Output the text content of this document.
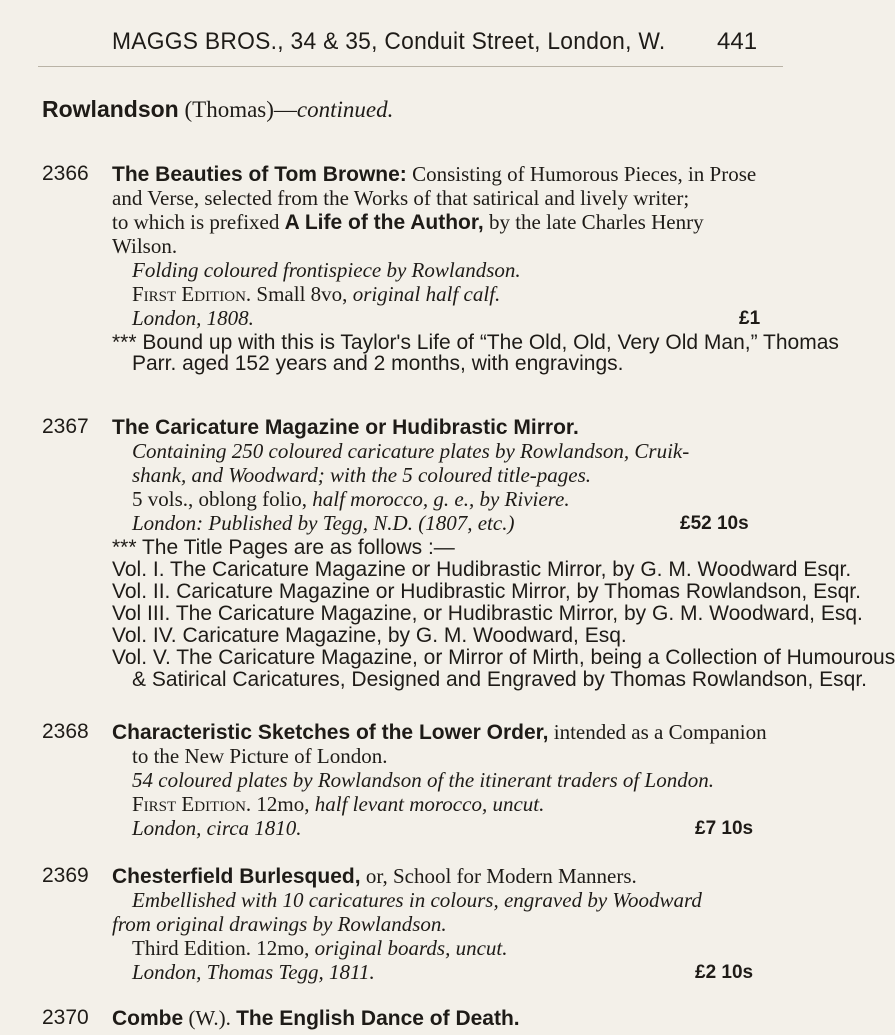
MAGGS BROS., 34 & 35, Conduit Street, London, W. 441
Rowlandson (Thomas)—continued.
2366 The Beauties of Tom Browne: Consisting of Humorous Pieces, in Prose
and Verse, selected from the Works of that satirical and lively writer;
to which is prefixed A Life of the Author, by the late Charles Henry
Wilson.
Folding coloured frontispiece by Rowlandson.
First Edition. Small 8vo, original half calf.
London, 1808.	£1
*** Bound up with this is Taylor's Life of “The Old, Old, Very Old Man,” Thomas
Parr. aged 152 years and 2 months, with engravings.
2367 The Caricature Magazine or Hudibrastic Mirror.
Containing 250 coloured caricature plates by Rowlandson, Cruik-
shank, and Woodward; with the 5 coloured title-pages.
5 vols., oblong folio, half morocco, g. e., by Riviere.
London: Published by Tegg, N.D. (1807, etc.)	£52 10s
*** The Title Pages are as follows :—
Vol. I. The Caricature Magazine or Hudibrastic Mirror, by G. M. Woodward Esqr.
Vol. II. Caricature Magazine or Hudibrastic Mirror, by Thomas Rowlandson, Esqr.
Vol III. The Caricature Magazine, or Hudibrastic Mirror, by G. M. Woodward, Esq.
Vol. IV. Caricature Magazine, by G. M. Woodward, Esq.
Vol. V. The Caricature Magazine, or Mirror of Mirth, being a Collection of Humourous
& Satirical Caricatures, Designed and Engraved by Thomas Rowlandson, Esqr.
2368 Characteristic Sketches of the Lower Order, intended as a Companion
to the New Picture of London.
54 coloured plates by Rowlandson of the itinerant traders of London.
First Edition. 12mo, half levant morocco, uncut.
London, circa 1810.	£7 10s
2369 Chesterfield Burlesqued, or, School for Modern Manners.
Embellished with 10 caricatures in colours, engraved by Woodward
from original drawings by Rowlandson.
Third Edition. 12mo, original boards, uncut.
London, Thomas Tegg, 1811.	£2 10s
2370 Combe (W.). The English Dance of Death.
